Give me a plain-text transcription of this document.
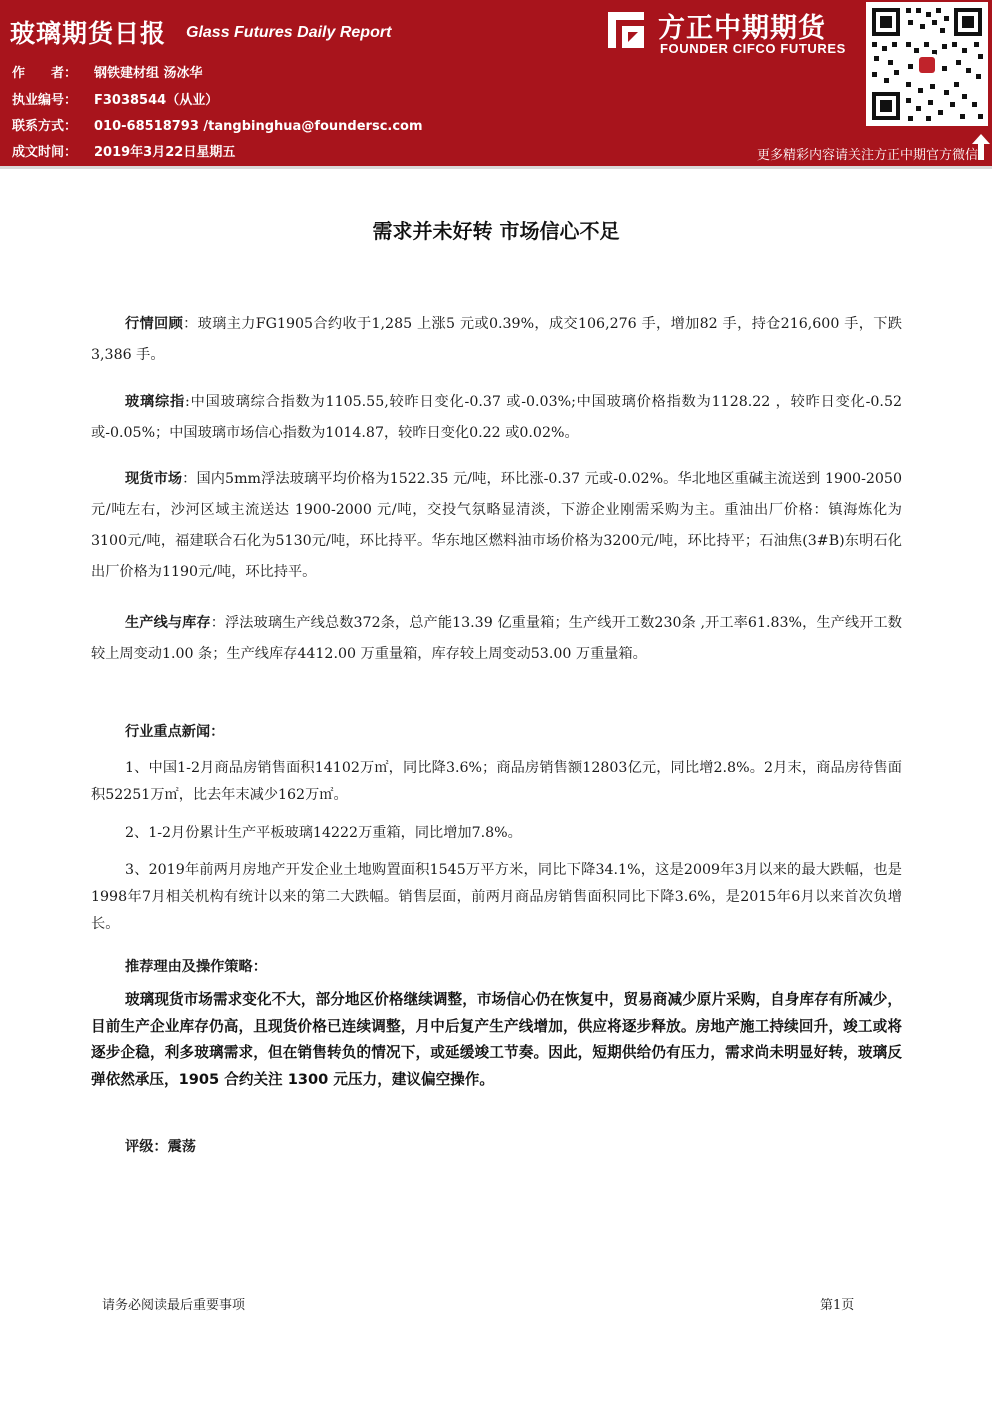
玻璃期货日报 Glass Futures Daily Report
作　　者： 钢铁建材组 汤冰华
执业编号： F3038544（从业）
联系方式： 010-68518793 /tangbinghua@foundersc.com
成文时间： 2019年3月22日星期五
方正中期期货
FOUNDER CIFCO FUTURES
更多精彩内容请关注方正中期官方微信
需求并未好转 市场信心不足
行情回顾：玻璃主力FG1905合约收于1,285 上涨5 元或0.39%，成交106,276 手，增加82 手，持仓216,600 手，下跌3,386 手。
玻璃综指:中国玻璃综合指数为1105.55,较昨日变化-0.37 或-0.03%;中国玻璃价格指数为1128.22 ，较昨日变化-0.52 或-0.05%；中国玻璃市场信心指数为1014.87，较昨日变化0.22 或0.02%。
现货市场：国内5mm浮法玻璃平均价格为1522.35 元/吨，环比涨-0.37 元或-0.02%。华北地区重碱主流送到 1900-2050元/吨左右，沙河区域主流送达 1900-2000 元/吨，交投气氛略显清淡，下游企业刚需采购为主。重油出厂价格：镇海炼化为3100元/吨，福建联合石化为5130元/吨，环比持平。华东地区燃料油市场价格为3200元/吨，环比持平；石油焦(3#B)东明石化出厂价格为1190元/吨，环比持平。
生产线与库存：浮法玻璃生产线总数372条，总产能13.39 亿重量箱；生产线开工数230条 ,开工率61.83%，生产线开工数较上周变动1.00 条；生产线库存4412.00 万重量箱，库存较上周变动53.00 万重量箱。
行业重点新闻：
1、中国1-2月商品房销售面积14102万㎡，同比降3.6%；商品房销售额12803亿元，同比增2.8%。2月末，商品房待售面积52251万㎡，比去年末减少162万㎡。
2、1-2月份累计生产平板玻璃14222万重箱，同比增加7.8%。
3、2019年前两月房地产开发企业土地购置面积1545万平方米，同比下降34.1%，这是2009年3月以来的最大跌幅，也是1998年7月相关机构有统计以来的第二大跌幅。销售层面，前两月商品房销售面积同比下降3.6%，是2015年6月以来首次负增长。
推荐理由及操作策略：
玻璃现货市场需求变化不大，部分地区价格继续调整，市场信心仍在恢复中，贸易商减少原片采购，自身库存有所减少，目前生产企业库存仍高，且现货价格已连续调整，月中后复产生产线增加，供应将逐步释放。房地产施工持续回升，竣工或将逐步企稳，利多玻璃需求，但在销售转负的情况下，或延缓竣工节奏。因此，短期供给仍有压力，需求尚未明显好转，玻璃反弹依然承压，1905 合约关注 1300 元压力，建议偏空操作。
评级：震荡
请务必阅读最后重要事项	第1页
